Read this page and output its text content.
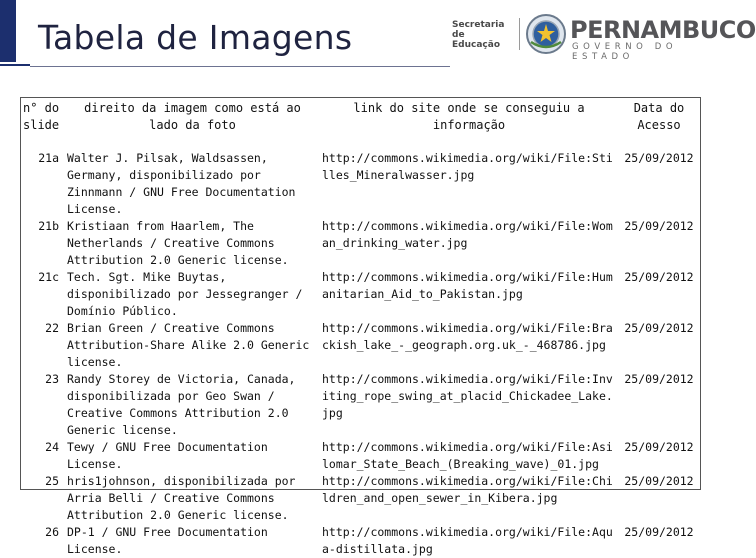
Tabela de Imagens	Secretaria
de
Educação
PERNAMBUCO
GOVERNO DO ESTADO
n° do slide	direito da imagem como está ao lado da foto	link do site onde se conseguiu a informação	Data do Acesso
21a	Walter J. Pilsak, Waldsassen, Germany, disponibilizado por Zinnmann / GNU Free Documentation License.	http://commons.wikimedia.org/wiki/File:Stilles_Mineralwasser.jpg	25/09/2012
21b	Kristiaan from Haarlem, The Netherlands / Creative Commons Attribution 2.0 Generic license.	http://commons.wikimedia.org/wiki/File:Woman_drinking_water.jpg	25/09/2012
21c	Tech. Sgt. Mike Buytas, disponibilizado por Jessegranger / Domínio Público.	http://commons.wikimedia.org/wiki/File:Humanitarian_Aid_to_Pakistan.jpg	25/09/2012
22	Brian Green / Creative Commons Attribution-Share Alike 2.0 Generic license.	http://commons.wikimedia.org/wiki/File:Brackish_lake_-_geograph.org.uk_-_468786.jpg	25/09/2012
23	Randy Storey de Victoria, Canada, disponibilizada por Geo Swan / Creative Commons Attribution 2.0 Generic license.	http://commons.wikimedia.org/wiki/File:Inviting_rope_swing_at_placid_Chickadee_Lake.jpg	25/09/2012
24	Tewy / GNU Free Documentation License.	http://commons.wikimedia.org/wiki/File:Asilomar_State_Beach_(Breaking_wave)_01.jpg	25/09/2012
25	hris1johnson, disponibilizada por Arria Belli / Creative Commons Attribution 2.0 Generic license.	http://commons.wikimedia.org/wiki/File:Children_and_open_sewer_in_Kibera.jpg	25/09/2012
26	DP-1 / GNU Free Documentation License.	http://commons.wikimedia.org/wiki/File:Aqua-distillata.jpg	25/09/2012
